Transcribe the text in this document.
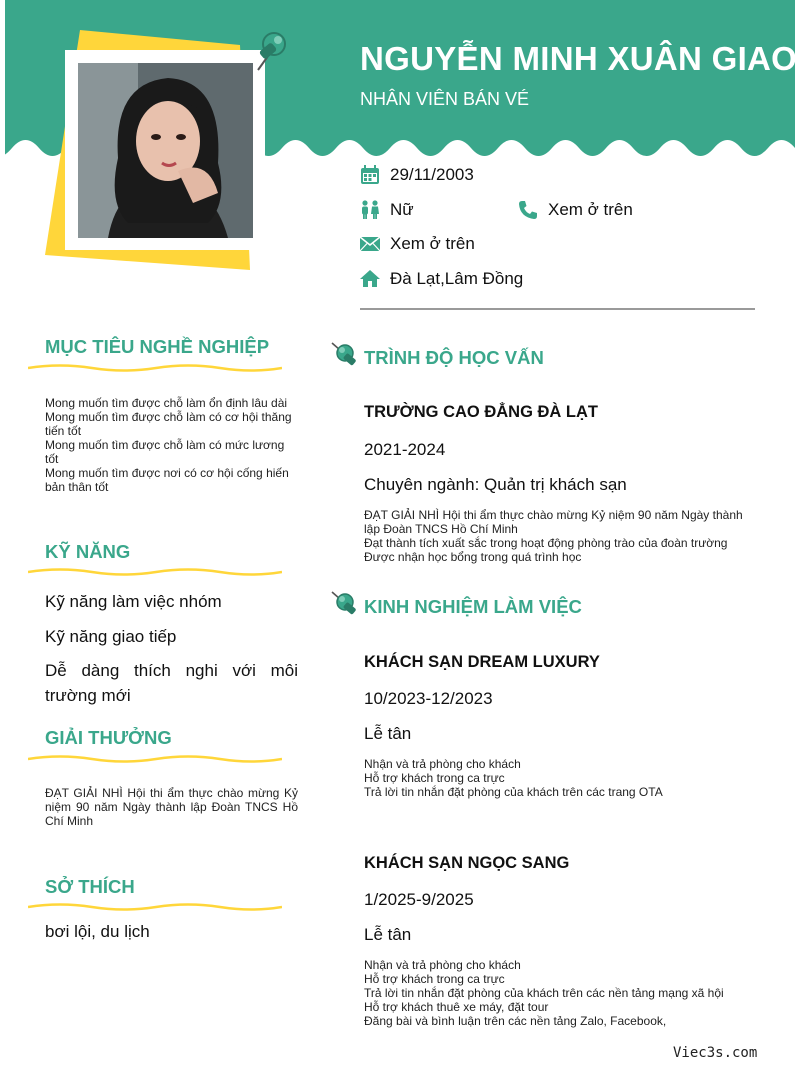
NGUYỄN MINH XUÂN GIAO
NHÂN VIÊN BÁN VÉ
29/11/2003
Nữ	Xem ở trên
Xem ở trên
Đà Lạt,Lâm Đồng
MỤC TIÊU NGHỀ NGHIỆP
Mong muốn tìm được chỗ làm ổn định lâu dài
Mong muốn tìm được chỗ làm có cơ hội thăng tiến tốt
Mong muốn tìm được chỗ làm có mức lương tốt
Mong muốn tìm được nơi có cơ hội cống hiến bản thân tốt
KỸ NĂNG
Kỹ năng làm việc nhóm
Kỹ năng giao tiếp
Dễ dàng thích nghi với môi trường mới
GIẢI THƯỞNG
ĐẠT GIẢI NHÌ Hội thi ẩm thực chào mừng Kỷ niệm 90 năm Ngày thành lập Đoàn TNCS Hồ Chí Minh
SỞ THÍCH
bơi lội, du lịch
TRÌNH ĐỘ HỌC VẤN
TRƯỜNG CAO ĐẲNG ĐÀ LẠT
2021-2024
Chuyên ngành: Quản trị khách sạn
ĐẠT GIẢI NHÌ Hội thi ẩm thực chào mừng Kỷ niệm 90 năm Ngày thành lập Đoàn TNCS Hồ Chí Minh
Đạt thành tích xuất sắc trong hoạt động phòng trào của đoàn trường
Được nhận học bổng trong quá trình học
KINH NGHIỆM LÀM VIỆC
KHÁCH SẠN DREAM LUXURY
10/2023-12/2023
Lễ tân
Nhận và trả phòng cho khách
Hỗ trợ khách trong ca trực
Trả lời tin nhắn đặt phòng của khách trên các trang OTA
KHÁCH SẠN NGỌC SANG
1/2025-9/2025
Lễ tân
Nhận và trả phòng cho khách
Hỗ trợ khách trong ca trực
Trả lời tin nhắn đặt phòng của khách trên các nền tảng mạng xã hội
Hỗ trợ khách thuê xe máy, đặt tour
Đăng bài và bình luận trên các nền tảng Zalo, Facebook,
Viec3s.com
